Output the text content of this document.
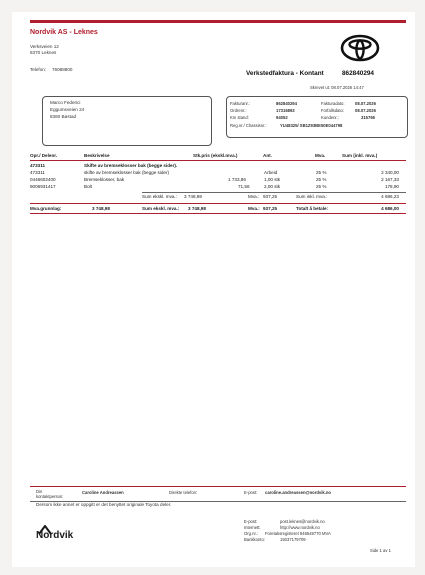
Nordvik AS - Leknes
Verksveien 12
8370 Leknes
Telefon: 76088800
Verkstedfaktura - Kontant	862840294
Skrevet ut: 08.07.2026 14:47
Marco Federici
Eggumsveien 24
8360 Bøstad
Fakturanr.:	862840294	Fakturadato: 08.07.2026
Ordrenr.:	17316893	Forfallsdato:	08.07.2026
Km stand:	94052	Kundenr.:	315766
Reg.nr./ Chassisnr.:	YU48325/ SB1Z93BE50E044798
Opr./ Delenr.	Beskrivelse	Stk.pris (ekskl.mva.)	Ant.	Mva.	Sum (inkl. mva.)
473311	Skifte av bremseklosser bak (begge sider).
473311	skifte av bremseklosser bak (begge sider)	Arbeid	25 %	2 340,00
0446602400	Bremseklosser, bak	1 733,86	1,00 stk	25 %	2 167,33
9006931417	Bolt	71,56	2,00 stk	25 %	178,90
Sum ekskl. mva.: 3 748,98	Mva.: 937,25	Sum inkl. mva.:	4 686,23
Mva.grunnlag:	3 748,98	Sum ekskl. mva.: 3 748,98	Mva.: 937,25	Totalt å betale:	4 686,00
Din
kontaktperson:
Caroline Andreassen	Direkte telefon:	E-post: caroline.andreassen@nordvik.no
Dersom ikke annet er oppgitt er det benyttet originale Toyota deler.
Nordvik
E-post:	post.leknes@nordvik.no
Internett:	http://www.nordvik.no
Org.nr.: Foretaksregisteret 946549770 MVA
Bankkonto:	15037179709
Side 1 av 1
